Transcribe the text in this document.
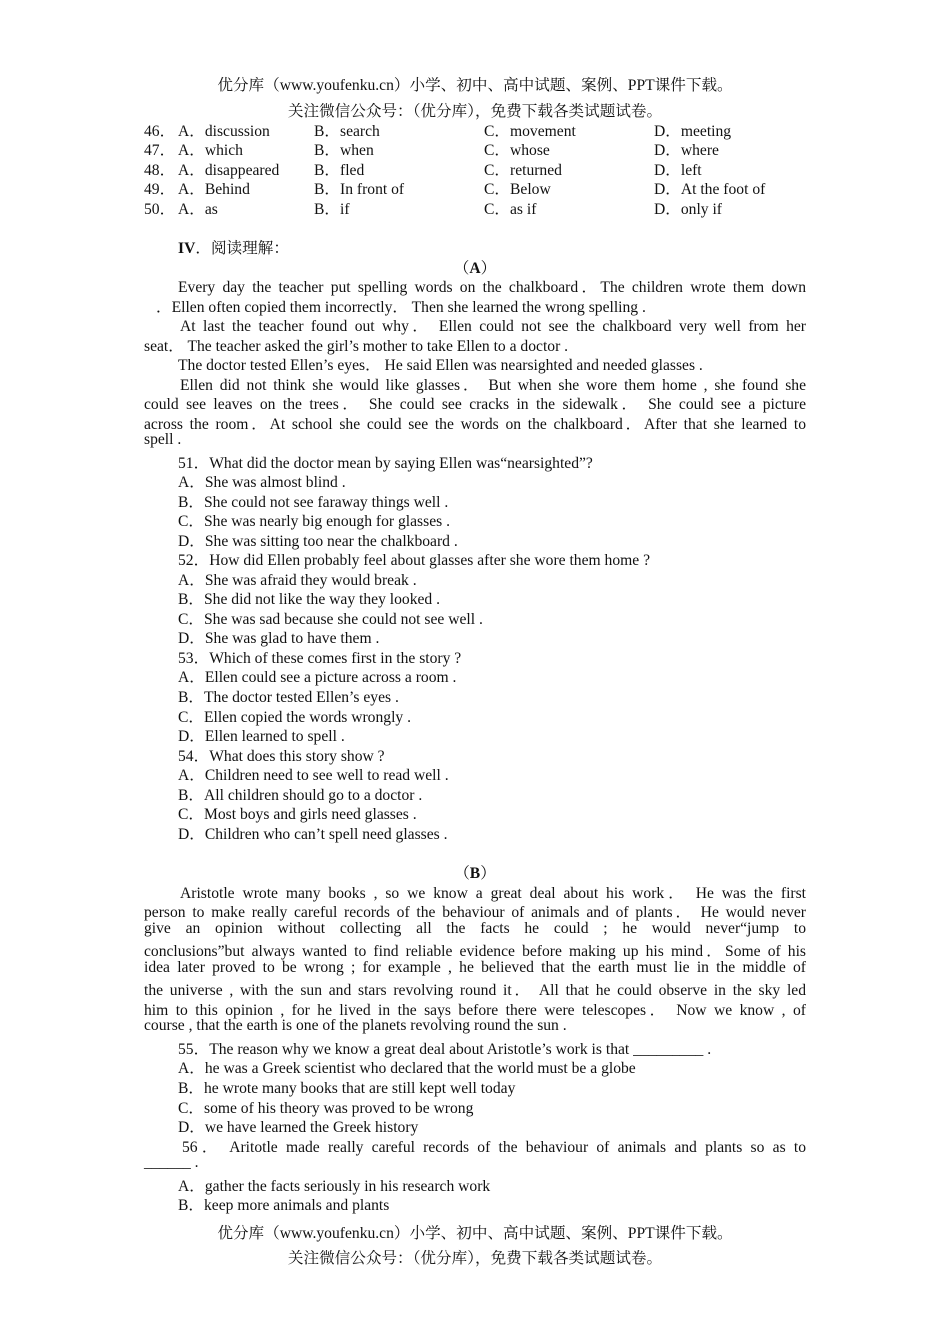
优分库（www.youfenku.cn）小学、初中、高中试题、案例、PPT课件下载。
关注微信公众号：（优分库），免费下载各类试题试卷。
46． A．discussion	B．search	C．movement	D．meeting
47． A．which	B．when	C．whose	D．where
48． A．disappeared B．fled	C．returned	D．left
49． A．Behind	B．In front of	C．Below	D．At the foot of
50． A．as	B．if	C．as if	D．only if
IV．阅读理解：
（A）
Every day the teacher put spelling words on the chalkboard．The children wrote them down
．Ellen often copied them incorrectly． Then she learned the wrong spelling .
At last the teacher found out why． Ellen could not see the chalkboard very well from her
seat． The teacher asked the girl’s mother to take Ellen to a doctor .
The doctor tested Ellen’s eyes． He said Ellen was nearsighted and needed glasses .
Ellen did not think she would like glasses． But when she wore them home , she found she
could see leaves on the trees． She could see cracks in the sidewalk． She could see a picture
across the room．At school she could see the words on the chalkboard．After that she learned to
spell .
51．What did the doctor mean by saying Ellen was“nearsighted”?
A．She was almost blind .
B．She could not see faraway things well .
C．She was nearly big enough for glasses .
D．She was sitting too near the chalkboard .
52．How did Ellen probably feel about glasses after she wore them home ?
A．She was afraid they would break .
B．She did not like the way they looked .
C．She was sad because she could not see well .
D．She was glad to have them .
53．Which of these comes first in the story ?
A．Ellen could see a picture across a room .
B．The doctor tested Ellen’s eyes .
C．Ellen copied the words wrongly .
D．Ellen learned to spell .
54．What does this story show ?
A．Children need to see well to read well .
B．All children should go to a doctor .
C．Most boys and girls need glasses .
D．Children who can’t spell need glasses .
（B）
Aristotle wrote many books , so we know a great deal about his work． He was the first
person to make really careful records of the behaviour of animals and of plants． He would never
give an opinion without collecting all the facts he could ; he would never“jump to
conclusions”but always wanted to find reliable evidence before making up his mind．Some of his
idea later proved to be wrong ; for example , he believed that the earth must lie in the middle of
the universe , with the sun and stars revolving round it． All that he could observe in the sky led
him to this opinion , for he lived in the says before there were telescopes． Now we know , of
course , that the earth is one of the planets revolving round the sun .
55．The reason why we know a great deal about Aristotle’s work is that _________ .
A．he was a Greek scientist who declared that the world must be a globe
B．he wrote many books that are still kept well today
C．some of his theory was proved to be wrong
D．we have learned the Greek history
56． Aritotle made really careful records of the behaviour of animals and plants so as to
______ .
A．gather the facts seriously in his research work
B．keep more animals and plants
优分库（www.youfenku.cn）小学、初中、高中试题、案例、PPT课件下载。
关注微信公众号：（优分库），免费下载各类试题试卷。
